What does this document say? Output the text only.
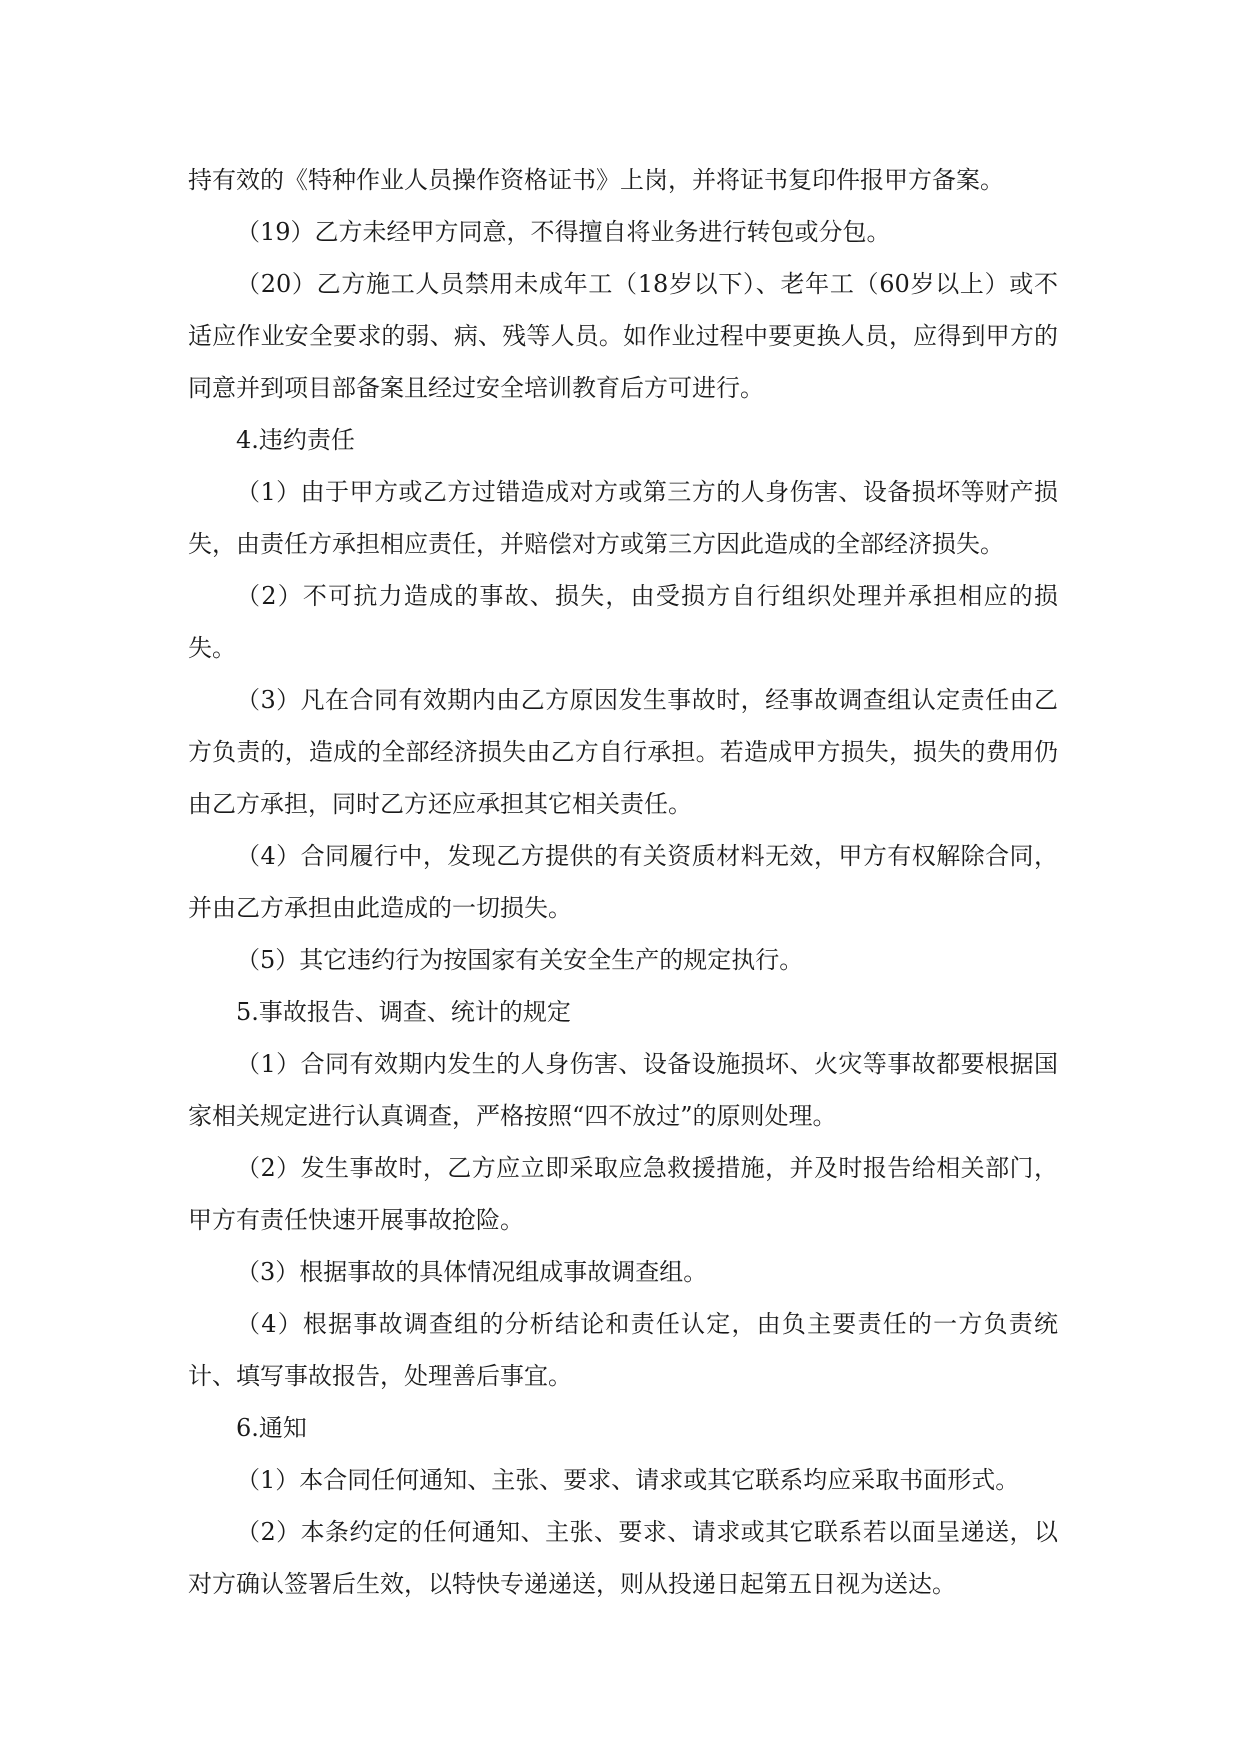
持有效的《特种作业人员操作资格证书》上岗，并将证书复印件报甲方备案。

（19）乙方未经甲方同意，不得擅自将业务进行转包或分包。

（20）乙方施工人员禁用未成年工（18岁以下）、老年工（60岁以上）或不适应作业安全要求的弱、病、残等人员。如作业过程中要更换人员，应得到甲方的同意并到项目部备案且经过安全培训教育后方可进行。

4.违约责任

（1）由于甲方或乙方过错造成对方或第三方的人身伤害、设备损坏等财产损失，由责任方承担相应责任，并赔偿对方或第三方因此造成的全部经济损失。

（2）不可抗力造成的事故、损失，由受损方自行组织处理并承担相应的损失。

（3）凡在合同有效期内由乙方原因发生事故时，经事故调查组认定责任由乙方负责的，造成的全部经济损失由乙方自行承担。若造成甲方损失，损失的费用仍由乙方承担，同时乙方还应承担其它相关责任。

（4）合同履行中，发现乙方提供的有关资质材料无效，甲方有权解除合同，并由乙方承担由此造成的一切损失。

（5）其它违约行为按国家有关安全生产的规定执行。

5.事故报告、调查、统计的规定

（1）合同有效期内发生的人身伤害、设备设施损坏、火灾等事故都要根据国家相关规定进行认真调查，严格按照“四不放过”的原则处理。

（2）发生事故时，乙方应立即采取应急救援措施，并及时报告给相关部门，甲方有责任快速开展事故抢险。

（3）根据事故的具体情况组成事故调查组。

（4）根据事故调查组的分析结论和责任认定，由负主要责任的一方负责统计、填写事故报告，处理善后事宜。

6.通知

（1）本合同任何通知、主张、要求、请求或其它联系均应采取书面形式。

（2）本条约定的任何通知、主张、要求、请求或其它联系若以面呈递送，以对方确认签署后生效，以特快专递递送，则从投递日起第五日视为送达。
